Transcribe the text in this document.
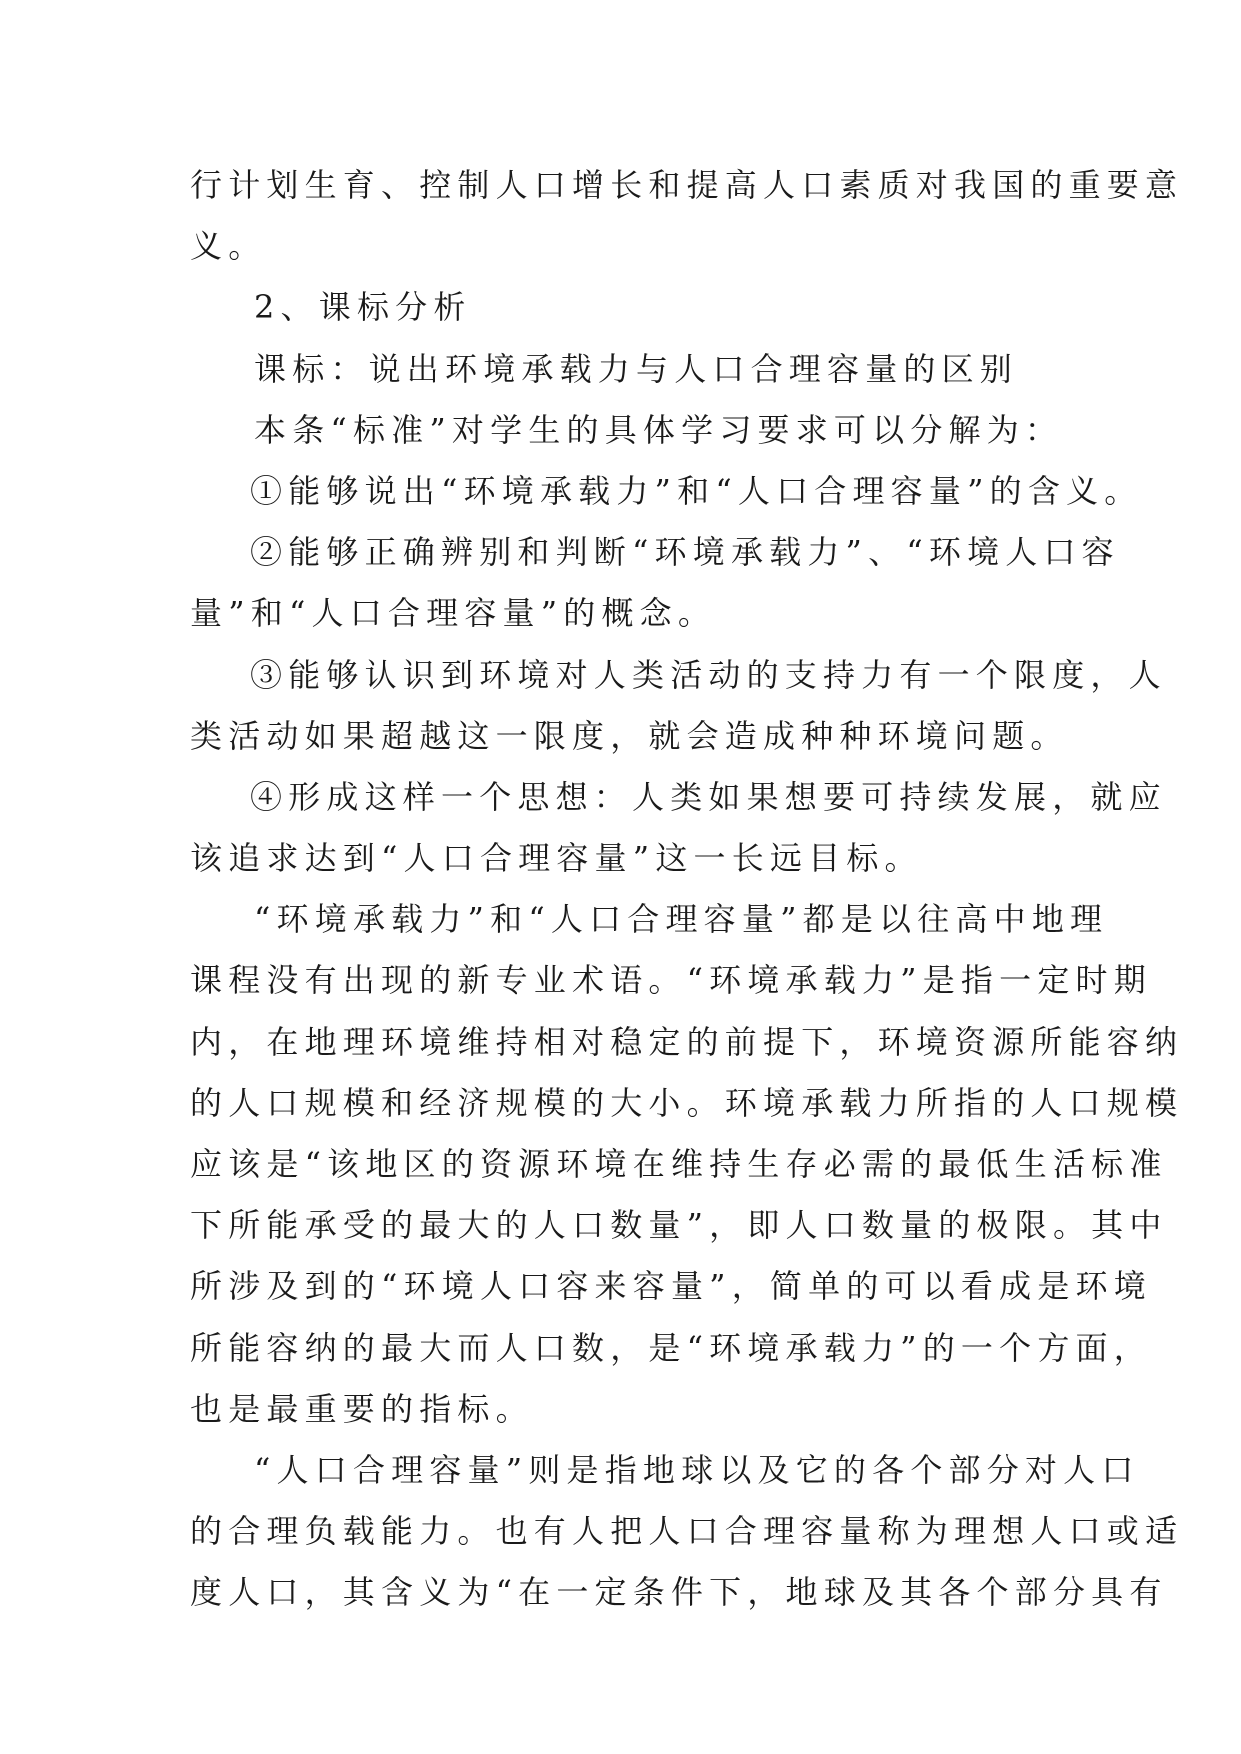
行计划生育、控制人口增长和提高人口素质对我国的重要意
义。
2、课标分析
课标：说出环境承载力与人口合理容量的区别
本条“标准”对学生的具体学习要求可以分解为：
①能够说出“环境承载力”和“人口合理容量”的含义。
②能够正确辨别和判断“环境承载力”、“环境人口容
量”和“人口合理容量”的概念。
③能够认识到环境对人类活动的支持力有一个限度，人
类活动如果超越这一限度，就会造成种种环境问题。
④形成这样一个思想：人类如果想要可持续发展，就应
该追求达到“人口合理容量”这一长远目标。
“环境承载力”和“人口合理容量”都是以往高中地理
课程没有出现的新专业术语。“环境承载力”是指一定时期
内，在地理环境维持相对稳定的前提下，环境资源所能容纳
的人口规模和经济规模的大小。环境承载力所指的人口规模
应该是“该地区的资源环境在维持生存必需的最低生活标准
下所能承受的最大的人口数量”，即人口数量的极限。其中
所涉及到的“环境人口容来容量”，简单的可以看成是环境
所能容纳的最大而人口数，是“环境承载力”的一个方面，
也是最重要的指标。
“人口合理容量”则是指地球以及它的各个部分对人口
的合理负载能力。也有人把人口合理容量称为理想人口或适
度人口，其含义为“在一定条件下，地球及其各个部分具有
